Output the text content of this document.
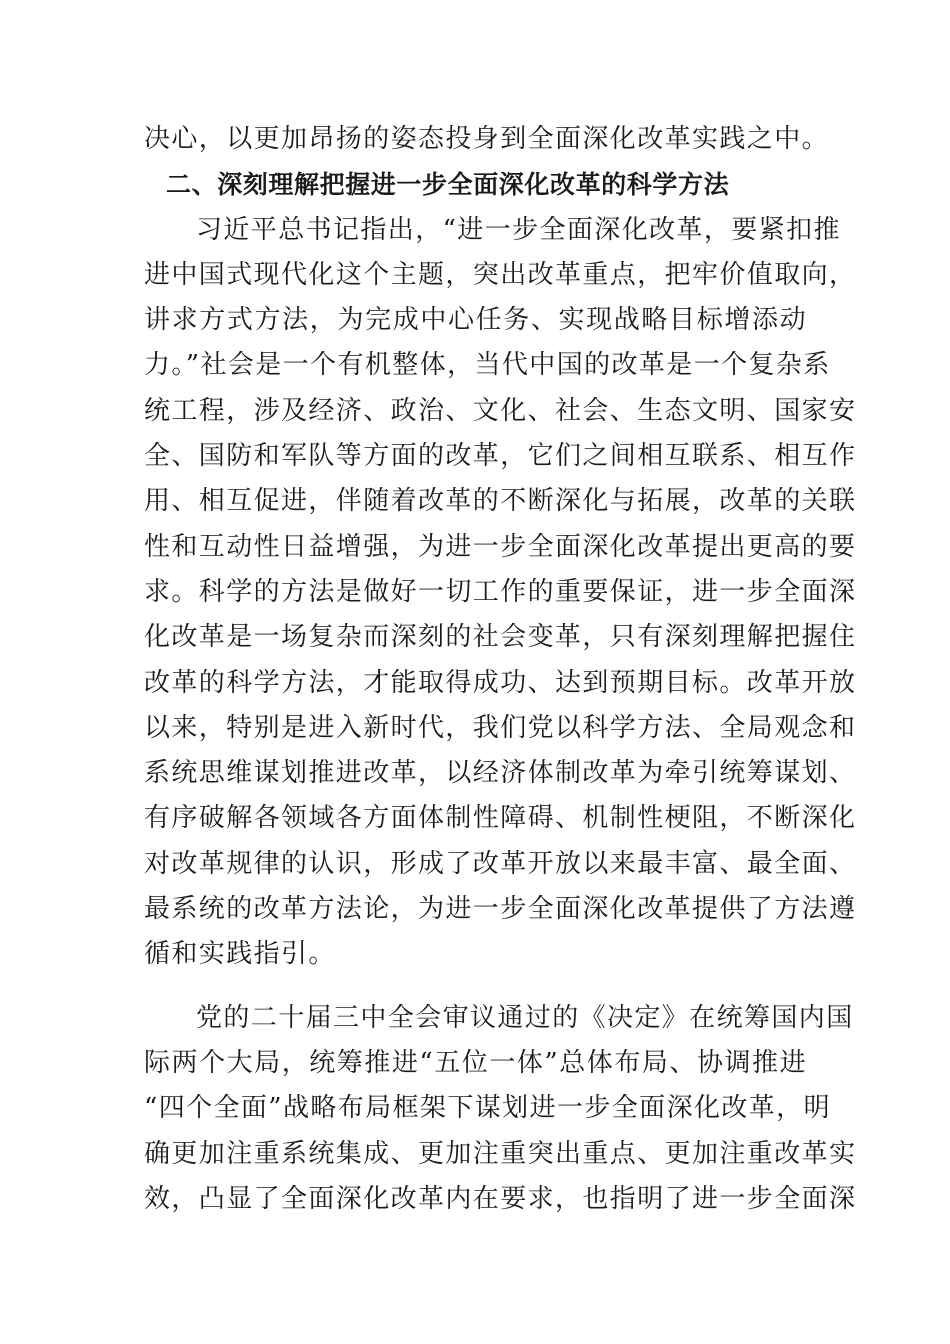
决心，以更加昂扬的姿态投身到全面深化改革实践之中。
二、深刻理解把握进一步全面深化改革的科学方法
习近平总书记指出，“进一步全面深化改革，要紧扣推
进中国式现代化这个主题，突出改革重点，把牢价值取向，
讲求方式方法，为完成中心任务、实现战略目标增添动
力。”社会是一个有机整体，当代中国的改革是一个复杂系
统工程，涉及经济、政治、文化、社会、生态文明、国家安
全、国防和军队等方面的改革，它们之间相互联系、相互作
用、相互促进，伴随着改革的不断深化与拓展，改革的关联
性和互动性日益增强，为进一步全面深化改革提出更高的要
求。科学的方法是做好一切工作的重要保证，进一步全面深
化改革是一场复杂而深刻的社会变革，只有深刻理解把握住
改革的科学方法，才能取得成功、达到预期目标。改革开放
以来，特别是进入新时代，我们党以科学方法、全局观念和
系统思维谋划推进改革，以经济体制改革为牵引统筹谋划、
有序破解各领域各方面体制性障碍、机制性梗阻，不断深化
对改革规律的认识，形成了改革开放以来最丰富、最全面、
最系统的改革方法论，为进一步全面深化改革提供了方法遵
循和实践指引。
党的二十届三中全会审议通过的《决定》在统筹国内国
际两个大局，统筹推进“五位一体”总体布局、协调推进
“四个全面”战略布局框架下谋划进一步全面深化改革，明
确更加注重系统集成、更加注重突出重点、更加注重改革实
效，凸显了全面深化改革内在要求，也指明了进一步全面深
